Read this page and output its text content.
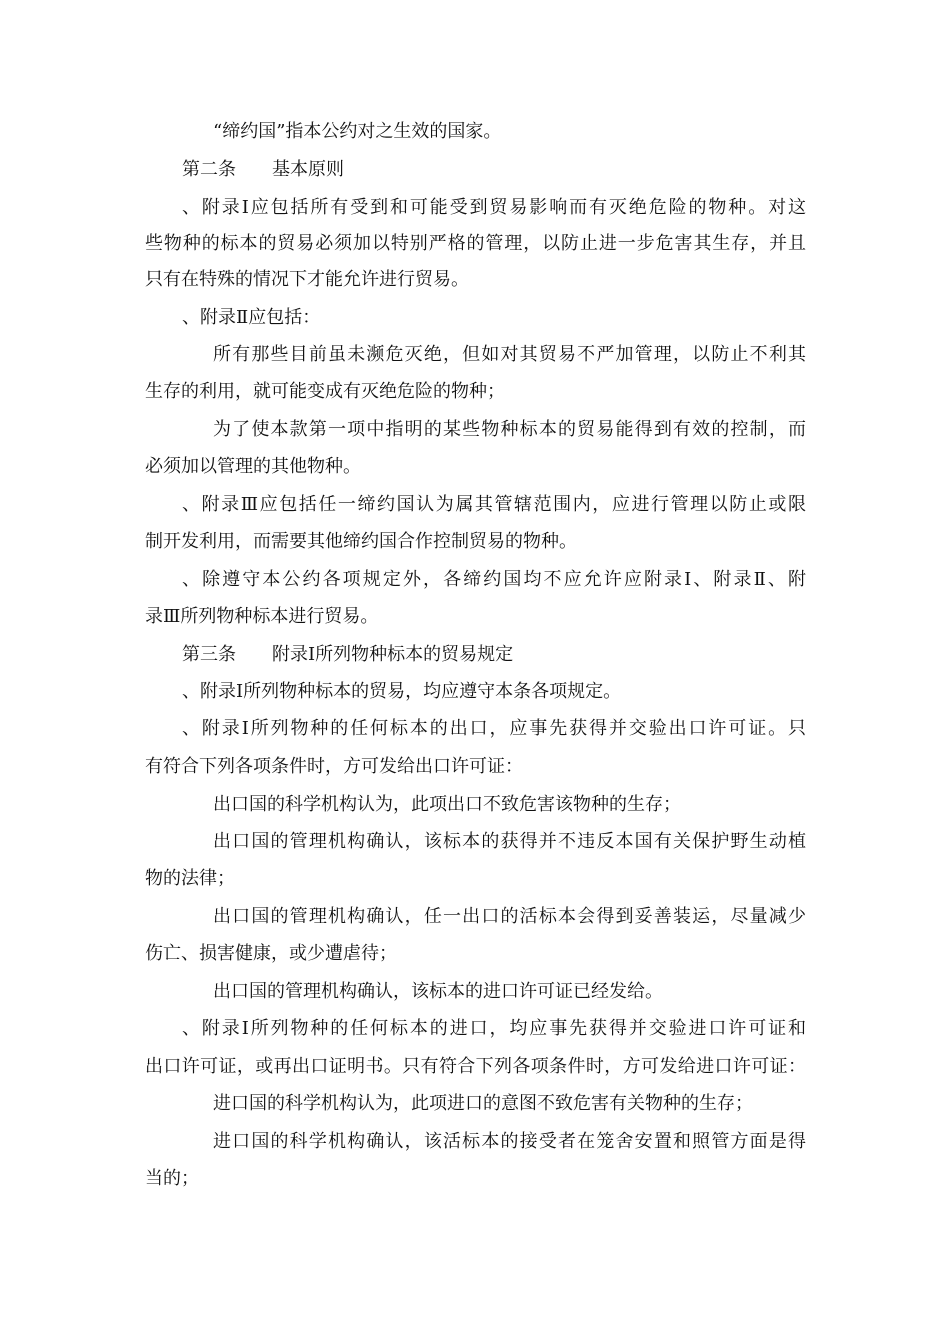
“缔约国”指本公约对之生效的国家。
第二条　　基本原则
、附录Ⅰ应包括所有受到和可能受到贸易影响而有灭绝危险的物种。对这
些物种的标本的贸易必须加以特别严格的管理，以防止进一步危害其生存，并且
只有在特殊的情况下才能允许进行贸易。
、附录Ⅱ应包括：
所有那些目前虽未濒危灭绝，但如对其贸易不严加管理，以防止不利其
生存的利用，就可能变成有灭绝危险的物种；
为了使本款第一项中指明的某些物种标本的贸易能得到有效的控制，而
必须加以管理的其他物种。
、附录Ⅲ应包括任一缔约国认为属其管辖范围内，应进行管理以防止或限
制开发利用，而需要其他缔约国合作控制贸易的物种。
、除遵守本公约各项规定外，各缔约国均不应允许应附录Ⅰ、附录Ⅱ、附
录Ⅲ所列物种标本进行贸易。
第三条　　附录Ⅰ所列物种标本的贸易规定
、附录Ⅰ所列物种标本的贸易，均应遵守本条各项规定。
、附录Ⅰ所列物种的任何标本的出口，应事先获得并交验出口许可证。只
有符合下列各项条件时，方可发给出口许可证：
出口国的科学机构认为，此项出口不致危害该物种的生存；
出口国的管理机构确认，该标本的获得并不违反本国有关保护野生动植
物的法律；
出口国的管理机构确认，任一出口的活标本会得到妥善装运，尽量减少
伤亡、损害健康，或少遭虐待；
出口国的管理机构确认，该标本的进口许可证已经发给。
、附录Ⅰ所列物种的任何标本的进口，均应事先获得并交验进口许可证和
出口许可证，或再出口证明书。只有符合下列各项条件时，方可发给进口许可证：
进口国的科学机构认为，此项进口的意图不致危害有关物种的生存；
进口国的科学机构确认，该活标本的接受者在笼舍安置和照管方面是得
当的；
